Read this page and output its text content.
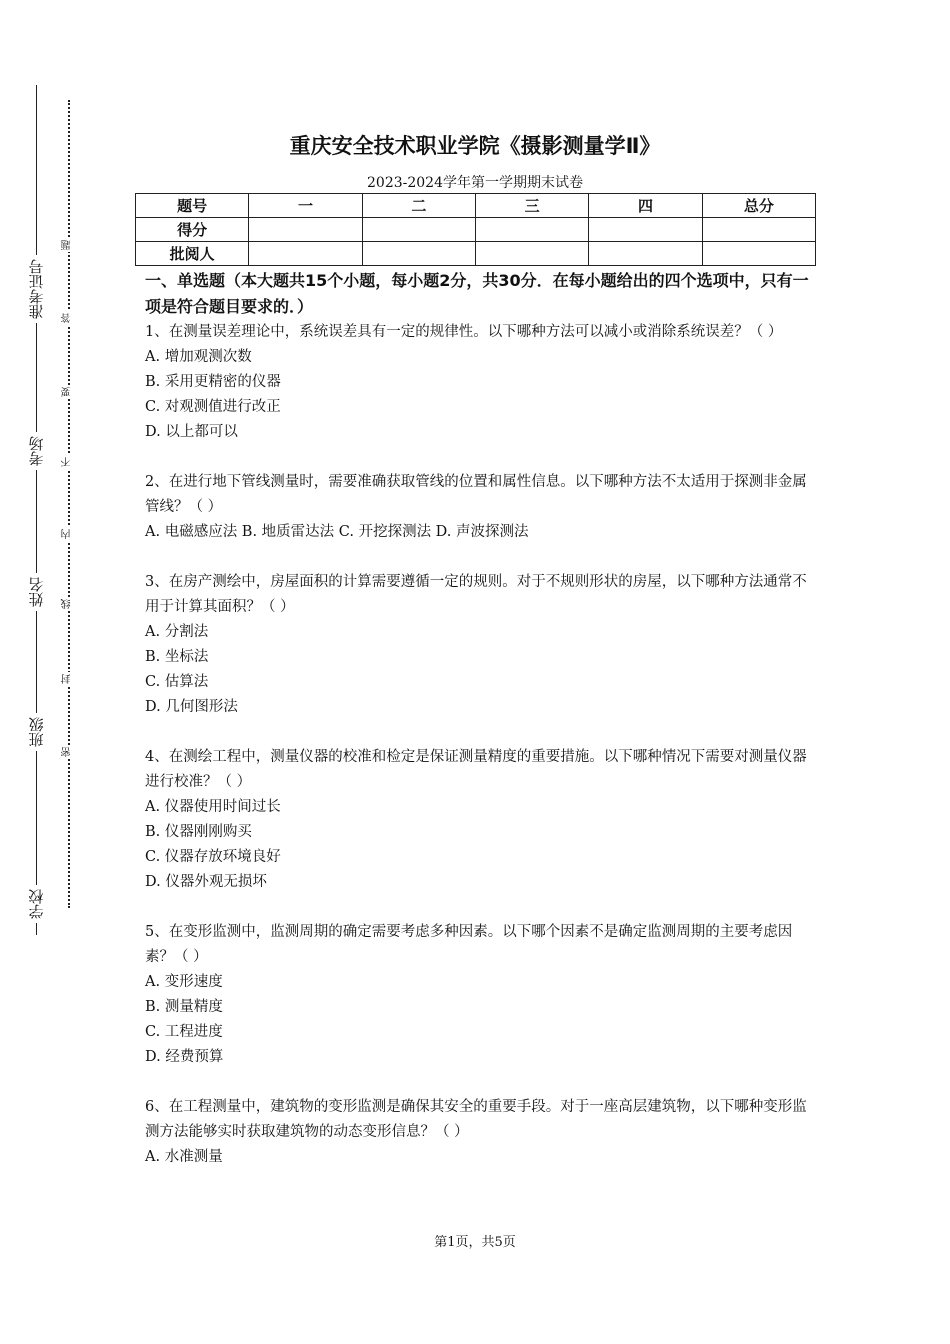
准考证号
考场
姓名
班级
学校
题
答
要
不
内
线
封
密
重庆安全技术职业学院《摄影测量学Ⅱ》
2023-2024学年第一学期期末试卷
题号	一	二	三	四	总分
得分					
批阅人					
一、单选题（本大题共15个小题，每小题2分，共30分．在每小题给出的四个选项中，只有一项是符合题目要求的．）
1、在测量误差理论中，系统误差具有一定的规律性。以下哪种方法可以减小或消除系统误差？（ ）
A. 增加观测次数
B. 采用更精密的仪器
C. 对观测值进行改正
D. 以上都可以
2、在进行地下管线测量时，需要准确获取管线的位置和属性信息。以下哪种方法不太适用于探测非金属管线？（ ）
A. 电磁感应法 B. 地质雷达法 C. 开挖探测法 D. 声波探测法
3、在房产测绘中，房屋面积的计算需要遵循一定的规则。对于不规则形状的房屋，以下哪种方法通常不用于计算其面积？（ ）
A. 分割法
B. 坐标法
C. 估算法
D. 几何图形法
4、在测绘工程中，测量仪器的校准和检定是保证测量精度的重要措施。以下哪种情况下需要对测量仪器进行校准？（ ）
A. 仪器使用时间过长
B. 仪器刚刚购买
C. 仪器存放环境良好
D. 仪器外观无损坏
5、在变形监测中，监测周期的确定需要考虑多种因素。以下哪个因素不是确定监测周期的主要考虑因素？（ ）
A. 变形速度
B. 测量精度
C. 工程进度
D. 经费预算
6、在工程测量中，建筑物的变形监测是确保其安全的重要手段。对于一座高层建筑物，以下哪种变形监测方法能够实时获取建筑物的动态变形信息？（ ）
A. 水准测量
第1页，共5页
